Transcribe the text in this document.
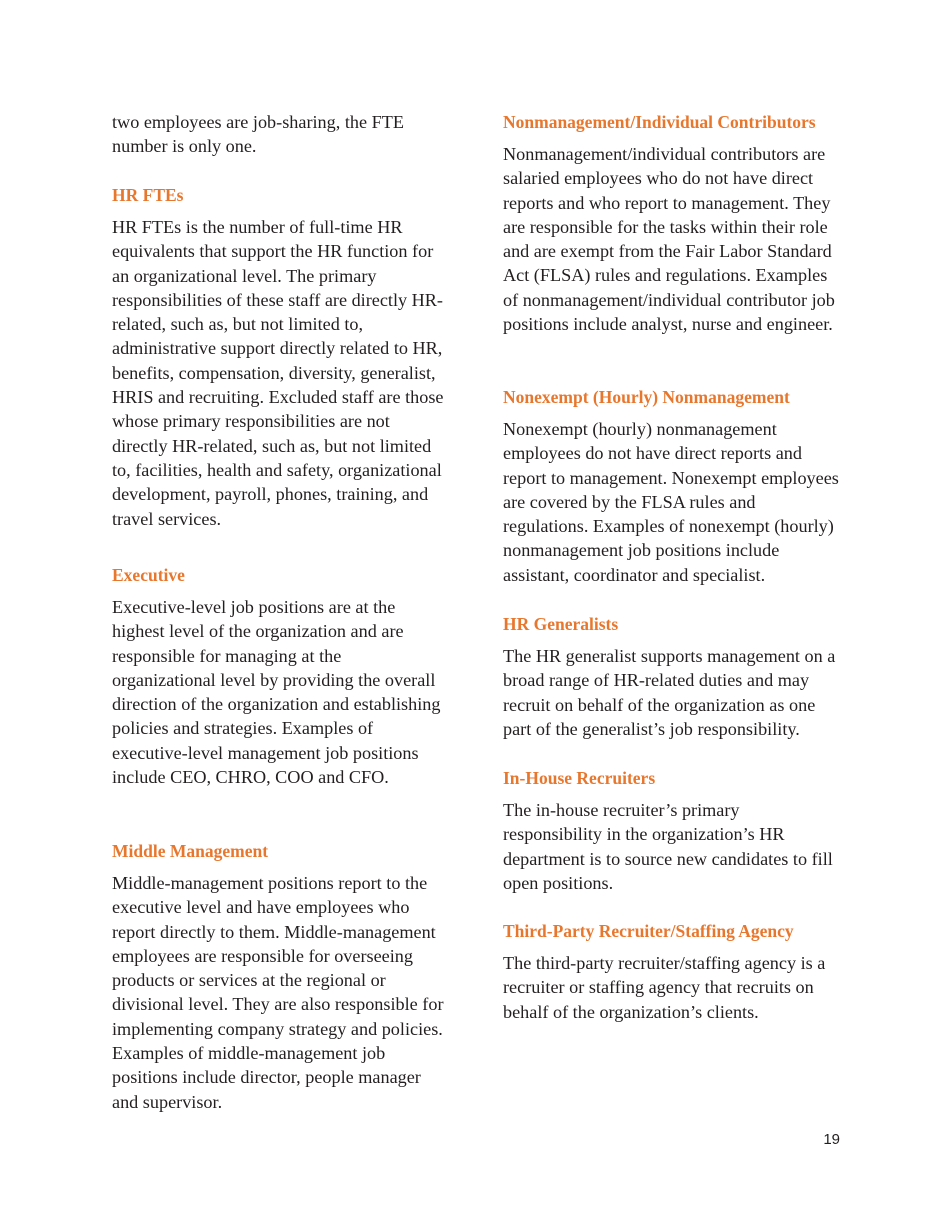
two employees are job-sharing, the FTE number is only one.

HR FTEs

HR FTEs is the number of full-time HR equivalents that support the HR function for an organizational level. The primary responsibilities of these staff are directly HR-related, such as, but not limited to, administrative support directly related to HR, benefits, compensation, diversity, generalist, HRIS and recruiting. Excluded staff are those whose primary responsibilities are not directly HR-related, such as, but not limited to, facilities, health and safety, organizational development, payroll, phones, training, and travel services.

Executive

Executive-level job positions are at the highest level of the organization and are responsible for managing at the organizational level by providing the overall direction of the organization and establishing policies and strategies. Examples of executive-level management job positions include CEO, CHRO, COO and CFO.

Middle Management

Middle-management positions report to the executive level and have employees who report directly to them. Middle-management employees are responsible for overseeing products or services at the regional or divisional level. They are also responsible for implementing company strategy and policies. Examples of middle-management job positions include director, people manager and supervisor.

Nonmanagement/Individual Contributors

Nonmanagement/individual contributors are salaried employees who do not have direct reports and who report to management. They are responsible for the tasks within their role and are exempt from the Fair Labor Standard Act (FLSA) rules and regulations. Examples of nonmanagement/individual contributor job positions include analyst, nurse and engineer.

Nonexempt (Hourly) Nonmanagement

Nonexempt (hourly) nonmanagement employees do not have direct reports and report to management. Nonexempt employees are covered by the FLSA rules and regulations. Examples of nonexempt (hourly) nonmanagement job positions include assistant, coordinator and specialist.

HR Generalists

The HR generalist supports management on a broad range of HR-related duties and may recruit on behalf of the organization as one part of the generalist’s job responsibility.

In-House Recruiters

The in-house recruiter’s primary responsibility in the organization’s HR department is to source new candidates to fill open positions.

Third-Party Recruiter/Staffing Agency

The third-party recruiter/staffing agency is a recruiter or staffing agency that recruits on behalf of the organization’s clients.

19
